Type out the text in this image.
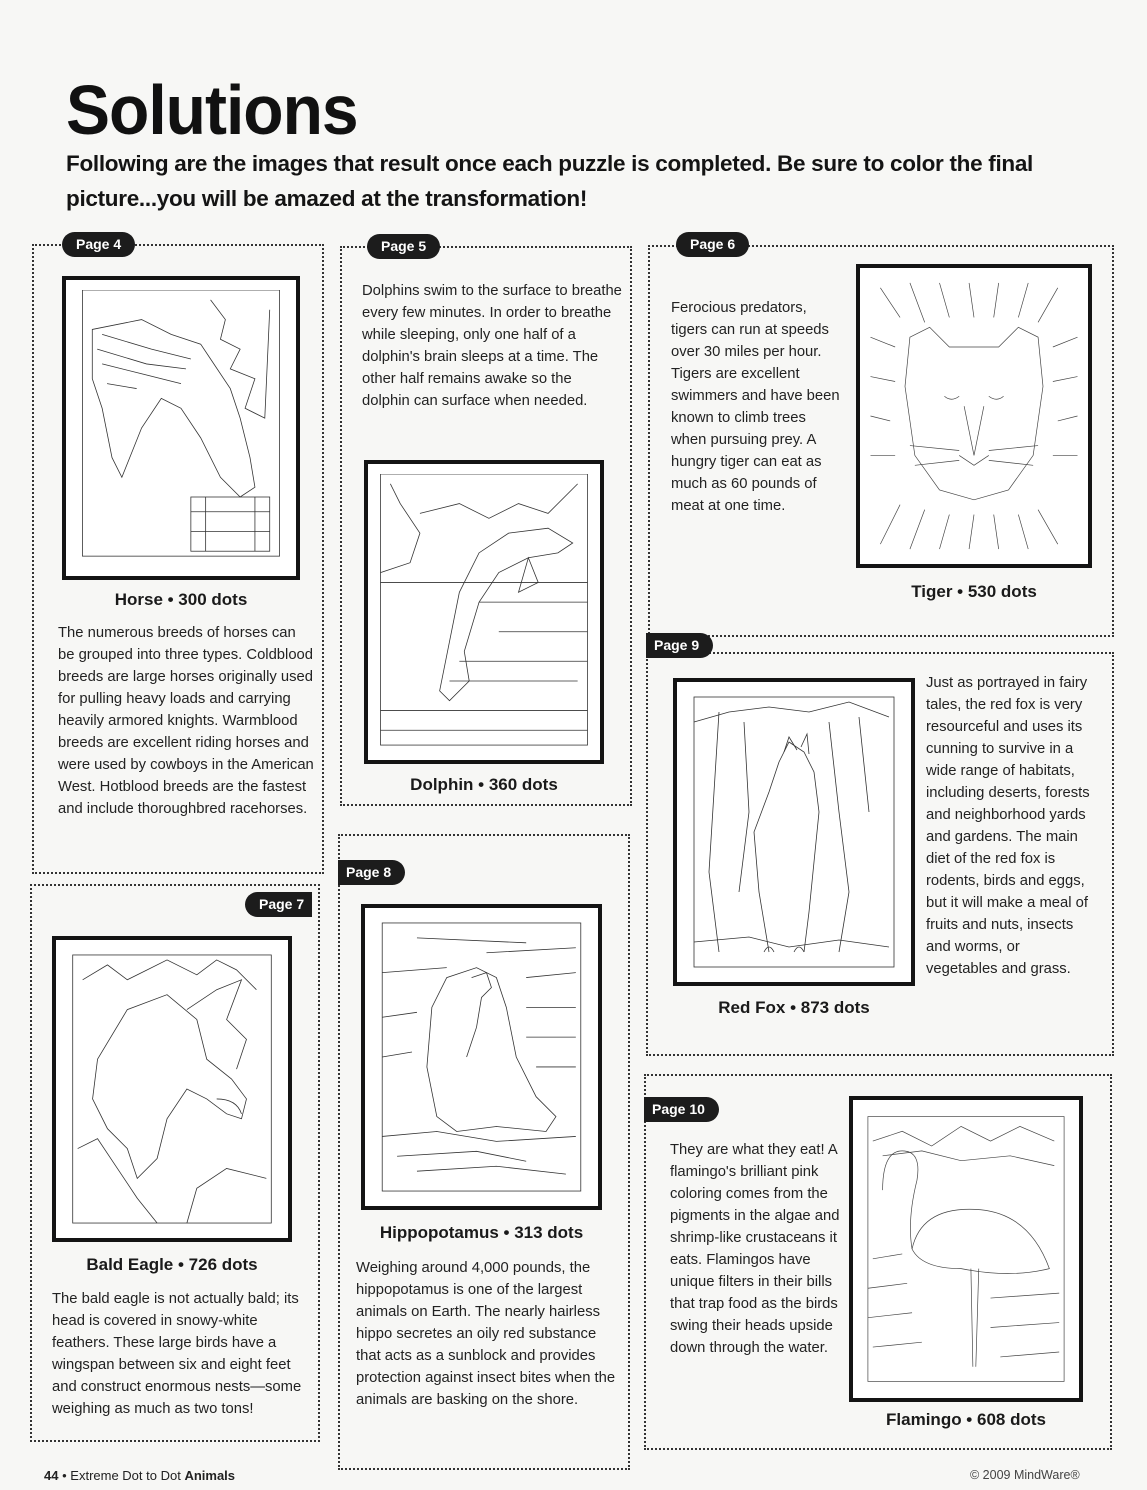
Solutions
Following are the images that result once each puzzle is completed. Be sure to color the final picture...you will be amazed at the transformation!
Page 4
Horse • 300 dots
The numerous breeds of horses can be grouped into three types. Coldblood breeds are large horses originally used for pulling heavy loads and carrying heavily armored knights. Warmblood breeds are excellent riding horses and were used by cowboys in the American West. Hotblood breeds are the fastest and include thoroughbred racehorses.
Page 5
Dolphins swim to the surface to breathe every few minutes. In order to breathe while sleeping, only one half of a dolphin's brain sleeps at a time. The other half remains awake so the dolphin can surface when needed.
Dolphin • 360 dots
Page 6
Ferocious predators, tigers can run at speeds over 30 miles per hour. Tigers are excellent swimmers and have been known to climb trees when pursuing prey. A hungry tiger can eat as much as 60 pounds of meat at one time.
Tiger • 530 dots
Page 7
Bald Eagle • 726 dots
The bald eagle is not actually bald; its head is covered in snowy-white feathers. These large birds have a wingspan between six and eight feet and construct enormous nests—some weighing as much as two tons!
Page 8
Hippopotamus • 313 dots
Weighing around 4,000 pounds, the hippopotamus is one of the largest animals on Earth. The nearly hairless hippo secretes an oily red substance that acts as a sunblock and provides protection against insect bites when the animals are basking on the shore.
Page 9
Red Fox • 873 dots
Just as portrayed in fairy tales, the red fox is very resourceful and uses its cunning to survive in a wide range of habitats, including deserts, forests and neighborhood yards and gardens. The main diet of the red fox is rodents, birds and eggs, but it will make a meal of fruits and nuts, insects and worms, or vegetables and grass.
Page 10
They are what they eat! A flamingo's brilliant pink coloring comes from the pigments in the algae and shrimp-like crustaceans it eats. Flamingos have unique filters in their bills that trap food as the birds swing their heads upside down through the water.
Flamingo • 608 dots
44 • Extreme Dot to Dot Animals	© 2009 MindWare®
